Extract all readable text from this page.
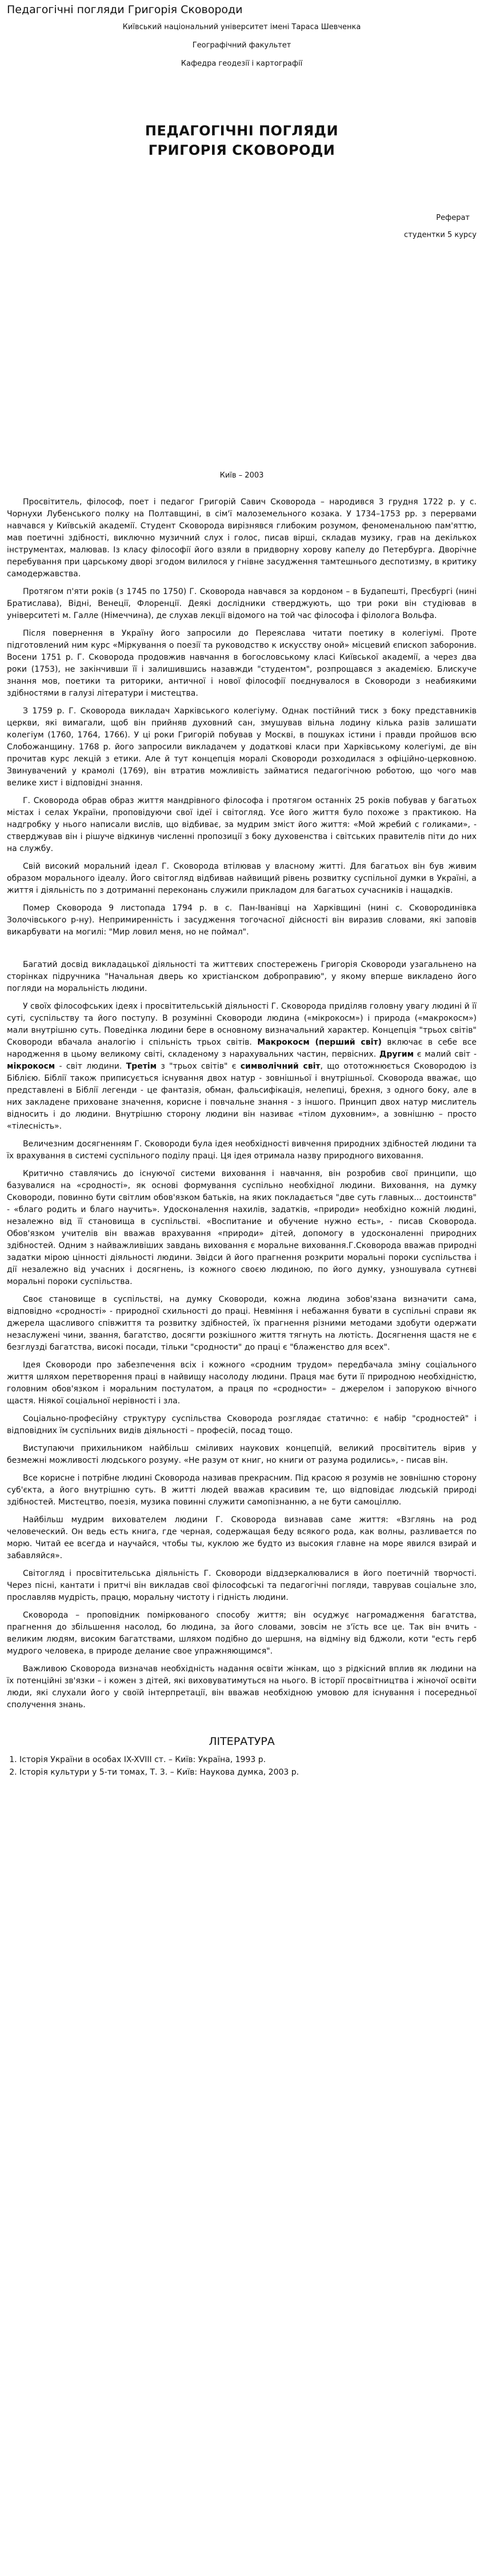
Педагогічні погляди Григорія Сковороди
Київський національний університет імені Тараса Шевченка
Географічний факультет
Кафедра геодезії і картографії
ПЕДАГОГІЧНІ ПОГЛЯДИ
ГРИГОРІЯ СКОВОРОДИ
Реферат
студентки 5 курсу
Київ – 2003

Просвітитель, філософ, поет і педагог Григорій Савич Сковорода – народився 3 грудня 1722 р. у с. Чорнухи Лубенського полку на Полтавщині, в сім'ї малоземельного козака. У 1734–1753 рр. з перервами навчався у Київській академії. Студент Сковорода вирізнявся глибоким розумом, феноменальною пам'яттю, мав поетичні здібності, виключно музичний слух і голос, писав вірші, складав музику, грав на декількох інструментах, малював. Із класу філософії його взяли в придворну хорову капелу до Петербурга. Дворічне перебування при царському дворі згодом вилилося у гнівне засудження тамтешнього деспотизму, в критику самодержавства.

Протягом п'яти років (з 1745 по 1750) Г. Сковорода навчався за кордоном – в Будапешті, Пресбургі (нині Братислава), Відні, Венеції, Флоренції. Деякі дослідники стверджують, що три роки він студіював в університеті м. Галле (Німеччина), де слухав лекції відомого на той час філософа і філолога Вольфа.

Після повернення в Україну його запросили до Переяслава читати поетику в колегіумі. Проте підготовлений ним курс «Міркування о поезії та руководство к искусству оной» місцевий єпископ заборонив. Восени 1751 р. Г. Сковорода продовжив навчання в богословському класі Київської академії, а через два роки (1753), не закінчивши її і залишившись назавжди "студентом", розпрощався з академією. Блискуче знання мов, поетики та риторики, античної і нової філософії поєднувалося в Сковороди з неабиякими здібностями в галузі літератури і мистецтва.

З 1759 р. Г. Сковорода викладач Харківського колегіуму. Однак постійний тиск з боку представників церкви, які вимагали, щоб він прийняв духовний сан, змушував вільна лодину кілька разів залишати колегіум (1760, 1764, 1766). У ці роки Григорій побував у Москві, в пошуках істини і правди пройшов всю Слобожанщину. 1768 р. його запросили викладачем у додаткові класи при Харківському колегіумі, де він прочитав курс лекцій з етики. Але й тут концепція моралі Сковороди розходилася з офіційно-церковною. Звинувачений у крамолі (1769), він втратив можливість займатися педагогічною роботою, що чого мав велике хист і відповідні знання.

Г. Сковорода обрав образ життя мандрівного філософа і протягом останніх 25 років побував у багатьох містах і селах України, проповідуючи свої ідеї і світогляд. Усе його життя було похоже з практикою. На надгробку у нього написали вислів, що відбиває, за мудрим зміст його життя: «Мой жребий с голиками», - стверджував він і рішуче відкинув численні пропозиції з боку духовенства і світських правителів піти до них на службу.

Свій високий моральний ідеал Г. Сковорода втілював у власному житті. Для багатьох він був живим образом морального ідеалу. Його світогляд відбивав найвищий рівень розвитку суспільної думки в Україні, а життя і діяльність по з дотриманні переконань служили прикладом для багатьох сучасників і нащадків.

Помер Сковорода 9 листопада 1794 р. в с. Пан-Іванівці на Харківщині (нині с. Сковородинівка Золочівського р-ну). Непримиренність і засудження тогочасної дійсності він виразив словами, які заповів викарбувати на могилі: "Мир ловил меня, но не поймал".

Багатий досвід викладацької діяльності та життєвих спостережень Григорія Сковороди узагальнено на сторінках підручника "Начальная дверь ко христіанском доброправию", у якому вперше викладено його погляди на моральність людини.

У своїх філософських ідеях і просвітительській діяльності Г. Сковорода приділяв головну увагу людині й її суті, суспільству та його поступу. В розумінні Сковороди людина («мікрокосм») і природа («макрокосм») мали внутрішню суть. Поведінка людини бере в основному визначальний характер. Концепція "трьох світів" Сковороди вбачала аналогію і спільність трьох світів. Макрокосм (перший світ) включає в себе все народження в цьому великому світі, складеному з нарахувальних частин, первісних. Другим є малий світ - мікрокосм - світ людини. Третім з "трьох світів" є символічний світ, що ототожнюється Сковородою із Біблією. Біблії також приписується існування двох натур - зовнішньої і внутрішньої. Сковорода вважає, що представлені в Біблії легенди - це фантазія, обман, фальсифікація, нелепиці, брехня, з одного боку, але в них закладене приховане значення, корисне і повчальне знання - з іншого. Принцип двох натур мислитель відносить і до людини. Внутрішню сторону людини він називає «тілом духовним», а зовнішню – просто «тілесність».

Величезним досягненням Г. Сковороди була ідея необхідності вивчення природних здібностей людини та їх врахування в системі суспільного поділу праці. Ця ідея отримала назву природного виховання.

Критично ставлячись до існуючої системи виховання і навчання, він розробив свої принципи, що базувалися на «сродності», як основі формування суспільно необхідної людини. Виховання, на думку Сковороди, повинно бути світлим обов'язком батьків, на яких покладається "две суть главных... достоинств" - «благо родить и благо научить». Удосконалення нахилів, задатків, «природи» необхідно кожній людині, незалежно від її становища в суспільстві. «Воспитание и обучение нужно есть», - писав Сковорода. Обов'язком учителів він вважав врахування «природи» дітей, допомогу в удосконаленні природних здібностей. Одним з найважливіших завдань виховання є моральне виховання.Г.Сковорода вважав природні задатки мірою цінності діяльності людини. Звідси й його прагнення розкрити моральні пороки суспільства і дії незалежно від учасних і досягнень, із кожного своєю людиною, по його думку, узношувала сутнєві моральні пороки суспільства.

Своє становище в суспільстві, на думку Сковороди, кожна людина зобов'язана визначити сама, відповідно «сродності» - природної схильності до праці. Невміння і небажання бувати в суспільні справи як джерела щасливого співжиття та розвитку здібностей, їх прагнення різними методами здобути одержати незаслужені чини, звання, багатство, досягти розкішного життя тягнуть на лютість. Досягнення щастя не є безглузді багатства, високі посади, тільки "сродности" до праці є "блаженство для всех".

Ідея Сковороди про забезпечення всіх і кожного «сродним трудом» передбачала зміну соціального життя шляхом перетворення праці в найвищу насолоду людини. Праця має бути її природною необхідністю, головним обов'язком і моральним постулатом, а праця по «сродности» – джерелом і запорукою вічного щастя. Ніякої соціальної нерівності і зла.

Соціально-професійну структуру суспільства Сковорода розглядає статично: є набір "сродностей" і відповідних їм суспільних видів діяльності – професій, посад тощо.

Виступаючи прихильником найбільш сміливих наукових концепцій, великий просвітитель вірив у безмежні можливості людського розуму. «Не разум от книг, но книги от разума родились», - писав він.

Все корисне і потрібне людині Сковорода називав прекрасним. Під красою я розумів не зовнішню сторону суб'єкта, а його внутрішню суть. В житті людей вважав красивим те, що відповідає людській природі здібностей. Мистецтво, поезія, музика повинні служити самопізнанню, а не бути самоціллю.

Найбільш мудрим вихователем людини Г. Сковорода визнавав саме життя: «Взглянь на род человеческий. Он ведь есть книга, где черная, содержащая беду всякого рода, как волны, разливается по морю. Читай ее всегда и научайся, чтобы ты, куклою же будто из высокия главне на море явился взирай и забавляйся».

Світогляд і просвітительська діяльність Г. Сковороди віддзеркалювалися в його поетичній творчості. Через пісні, кантати і притчі він викладав свої філософські та педагогічні погляди, таврував соціальне зло, прославляв мудрість, працю, моральну чистоту і гідність людини.

Сковорода – проповідник поміркованого способу життя; він осуджує нагромадження багатства, прагнення до збільшення насолод, бо людина, за його словами, зовсім не з'їсть все це. Так він вчить - великим людям, високим багатствами, шляхом подібно до шершня, на відміну від бджоли, коти "есть герб мудрого человека, в природе делание свое упражняющимся".

Важливою Сковорода визначав необхідність надання освіти жінкам, що з рідкісний вплив як людини на їх потенційні зв'язки – і кожен з дітей, які виховуватимуться на нього. В історії просвітництва і жіночої освіти люди, які слухали його у своїй інтерпретації, він вважав необхідною умовою для існування і посередньої сполучення знань.

ЛІТЕРАТУРА
1. Історія України в особах IX-XVIII ст. – Київ: Україна, 1993 р.
2. Історія культури у 5-ти томах, Т. 3. – Київ: Наукова думка, 2003 р.
